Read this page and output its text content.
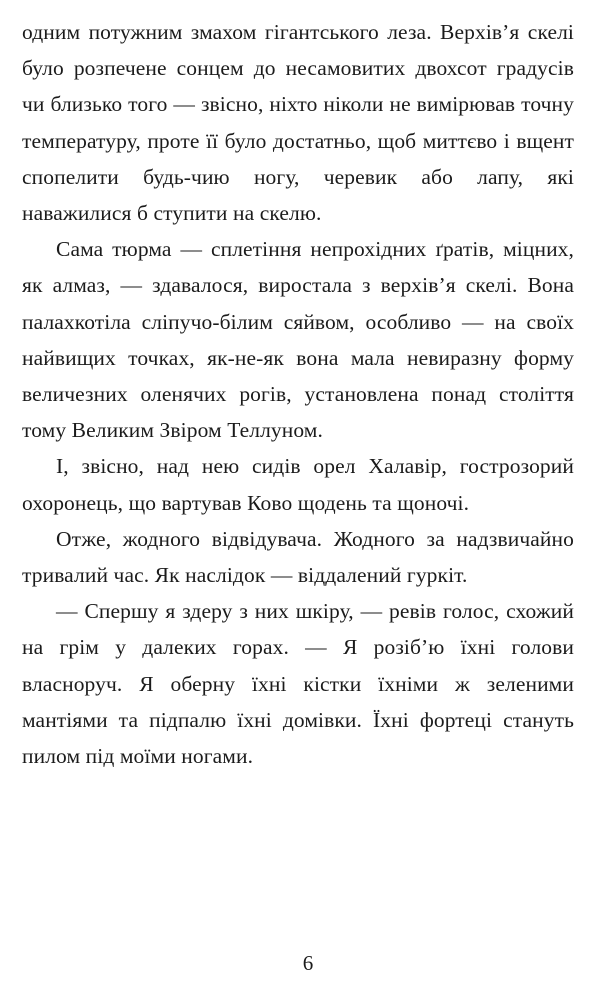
одним потужним змахом гігантського леза. Верхів’я скелі було розпечене сонцем до несамовитих двохсот градусів чи близько того — звісно, ніхто ніколи не вимірював точну температуру, проте її було достатньо, щоб миттєво і вщент спопелити будь-чию ногу, черевик або лапу, які наважилися б ступити на скелю.

Сама тюрма — сплетіння непрохідних ґратів, міцних, як алмаз, — здавалося, виростала з верхів’я скелі. Вона палахкотіла сліпучо-білим сяйвом, особливо — на своїх найвищих точках, як-не-як вона мала невиразну форму величезних оленячих рогів, установлена понад століття тому Великим Звіром Теллуном.

І, звісно, над нею сидів орел Халавір, гострозорий охоронець, що вартував Ково щодень та щоночі.

Отже, жодного відвідувача. Жодного за надзвичайно тривалий час. Як наслідок — віддалений гуркіт.

— Спершу я здеру з них шкіру, — ревів голос, схожий на грім у далеких горах. — Я розіб’ю їхні голови власноруч. Я оберну їхні кістки їхніми ж зеленими мантіями та підпалю їхні домівки. Їхні фортеці стануть пилом під моїми ногами.

6
